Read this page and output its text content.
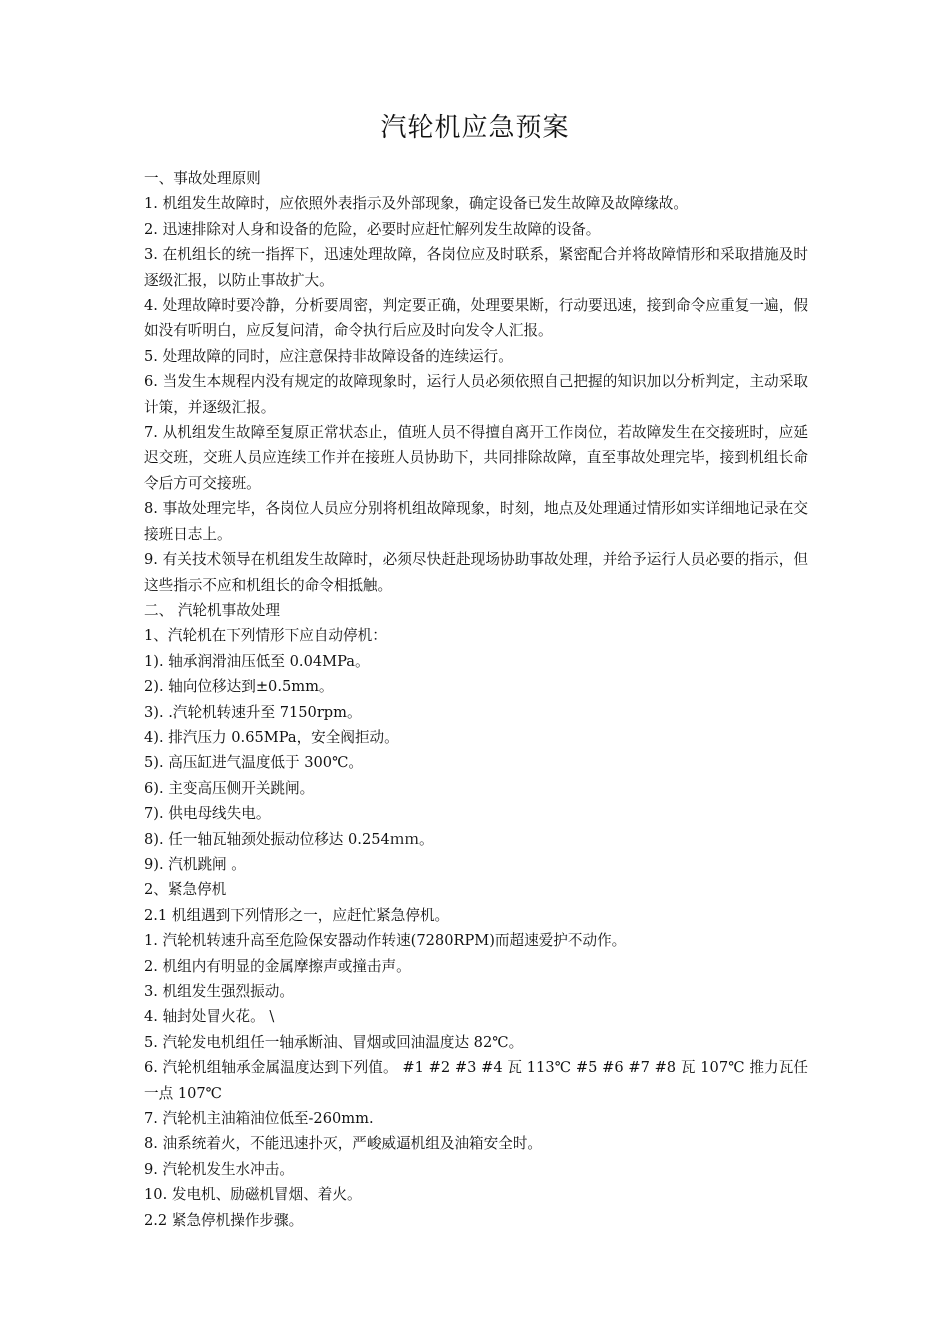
汽轮机应急预案

一、事故处理原则

1. 机组发生故障时，应依照外表指示及外部现象，确定设备已发生故障及故障缘故。

2. 迅速排除对人身和设备的危险，必要时应赶忙解列发生故障的设备。

3. 在机组长的统一指挥下，迅速处理故障，各岗位应及时联系，紧密配合并将故障情形和采取措施及时逐级汇报，以防止事故扩大。

4. 处理故障时要冷静，分析要周密，判定要正确，处理要果断，行动要迅速，接到命令应重复一遍，假如没有听明白，应反复问清，命令执行后应及时向发令人汇报。

5. 处理故障的同时，应注意保持非故障设备的连续运行。

6. 当发生本规程内没有规定的故障现象时，运行人员必须依照自己把握的知识加以分析判定，主动采取计策，并逐级汇报。

7. 从机组发生故障至复原正常状态止，值班人员不得擅自离开工作岗位，若故障发生在交接班时，应延迟交班，交班人员应连续工作并在接班人员协助下，共同排除故障，直至事故处理完毕，接到机组长命令后方可交接班。

8. 事故处理完毕，各岗位人员应分别将机组故障现象，时刻，地点及处理通过情形如实详细地记录在交接班日志上。

9. 有关技术领导在机组发生故障时，必须尽快赶赴现场协助事故处理，并给予运行人员必要的指示，但这些指示不应和机组长的命令相抵触。

二、 汽轮机事故处理

1、汽轮机在下列情形下应自动停机：

1). 轴承润滑油压低至 0.04MPa。

2). 轴向位移达到±0.5mm。

3). .汽轮机转速升至 7150rpm。

4). 排汽压力 0.65MPa，安全阀拒动。

5). 高压缸进气温度低于 300℃。

6). 主变高压侧开关跳闸。

7). 供电母线失电。

8). 任一轴瓦轴颈处振动位移达 0.254ｍｍ。

9). 汽机跳闸 。

2、紧急停机

2.1 机组遇到下列情形之一，应赶忙紧急停机。

1. 汽轮机转速升高至危险保安器动作转速(7280RPM)而超速爱护不动作。

2. 机组内有明显的金属摩擦声或撞击声。

3. 机组发生强烈振动。

4. 轴封处冒火花。 \

5. 汽轮发电机组任一轴承断油、冒烟或回油温度达 82℃。

6. 汽轮机组轴承金属温度达到下列值。 #1 #2 #3 #4 瓦 113℃ #5 #6 #7 #8 瓦 107℃ 推力瓦任一点 107℃

7. 汽轮机主油箱油位低至-260mm.

8. 油系统着火，不能迅速扑灭，严峻威逼机组及油箱安全时。

9. 汽轮机发生水冲击。

10. 发电机、励磁机冒烟、着火。

2.2 紧急停机操作步骤。
